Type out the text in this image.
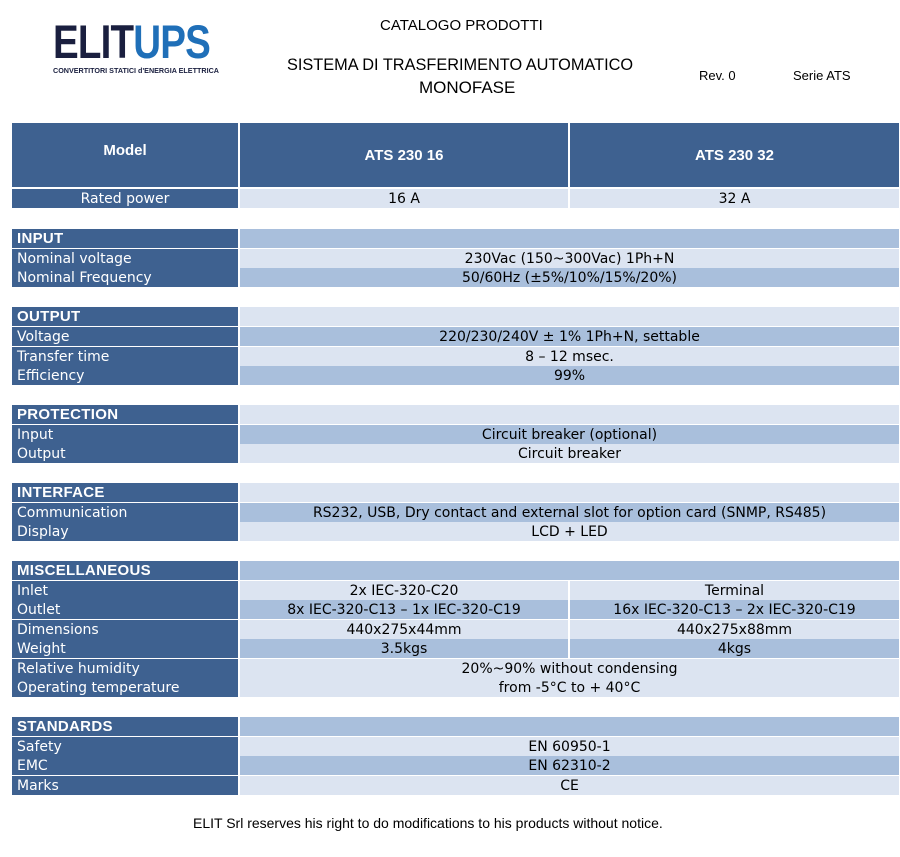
ELITUPS
CONVERTITORI STATICI d'ENERGIA ELETTRICA
CATALOGO PRODOTTI
SISTEMA DI TRASFERIMENTO AUTOMATICO
MONOFASE
Rev. 0	Serie ATS
Model	ATS 230 16	ATS 230 32
Rated power	16 A	32 A
INPUT
Nominal voltage	230Vac (150~300Vac) 1Ph+N
Nominal Frequency	50/60Hz (±5%/10%/15%/20%)
OUTPUT
Voltage	220/230/240V ± 1% 1Ph+N, settable
Transfer time	8 – 12 msec.
Efficiency	99%
PROTECTION
Input	Circuit breaker (optional)
Output	Circuit breaker
INTERFACE
Communication	RS232, USB, Dry contact and external slot for option card (SNMP, RS485)
Display	LCD + LED
MISCELLANEOUS
Inlet	2x IEC-320-C20	Terminal
Outlet	8x IEC-320-C13 – 1x IEC-320-C19	16x IEC-320-C13 – 2x IEC-320-C19
Dimensions	440x275x44mm	440x275x88mm
Weight	3.5kgs	4kgs
Relative humidity	20%~90% without condensing
Operating temperature	from -5°C to + 40°C
STANDARDS
Safety	EN 60950-1
EMC	EN 62310-2
Marks	CE
ELIT Srl reserves his right to do modifications to his products without notice.
